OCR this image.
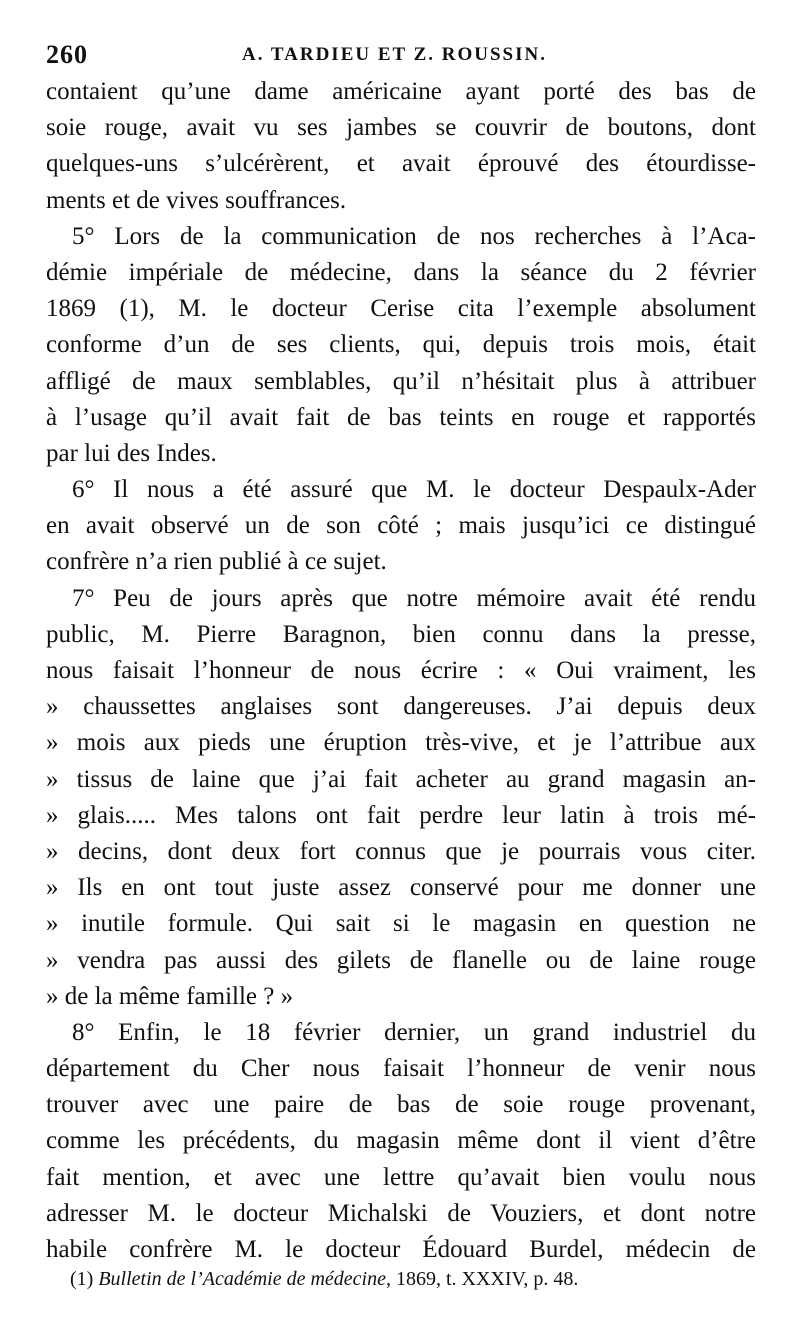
260	A. TARDIEU ET Z. ROUSSIN.
contaient qu’une dame américaine ayant porté des bas de
soie rouge, avait vu ses jambes se couvrir de boutons, dont
quelques-uns s’ulcérèrent, et avait éprouvé des étourdisse-
ments et de vives souffrances.
5° Lors de la communication de nos recherches à l’Aca-
démie impériale de médecine, dans la séance du 2 février
1869 (1), M. le docteur Cerise cita l’exemple absolument
conforme d’un de ses clients, qui, depuis trois mois, était
affligé de maux semblables, qu’il n’hésitait plus à attribuer
à l’usage qu’il avait fait de bas teints en rouge et rapportés
par lui des Indes.
6° Il nous a été assuré que M. le docteur Despaulx-Ader
en avait observé un de son côté ; mais jusqu’ici ce distingué
confrère n’a rien publié à ce sujet.
7° Peu de jours après que notre mémoire avait été rendu
public, M. Pierre Baragnon, bien connu dans la presse,
nous faisait l’honneur de nous écrire : « Oui vraiment, les
» chaussettes anglaises sont dangereuses. J’ai depuis deux
» mois aux pieds une éruption très-vive, et je l’attribue aux
» tissus de laine que j’ai fait acheter au grand magasin an-
» glais..... Mes talons ont fait perdre leur latin à trois mé-
» decins, dont deux fort connus que je pourrais vous citer.
» Ils en ont tout juste assez conservé pour me donner une
» inutile formule. Qui sait si le magasin en question ne
» vendra pas aussi des gilets de flanelle ou de laine rouge
» de la même famille ? »
8° Enfin, le 18 février dernier, un grand industriel du
département du Cher nous faisait l’honneur de venir nous
trouver avec une paire de bas de soie rouge provenant,
comme les précédents, du magasin même dont il vient d’être
fait mention, et avec une lettre qu’avait bien voulu nous
adresser M. le docteur Michalski de Vouziers, et dont notre
habile confrère M. le docteur Édouard Burdel, médecin de
(1) Bulletin de l’Académie de médecine, 1869, t. XXXIV, p. 48.
